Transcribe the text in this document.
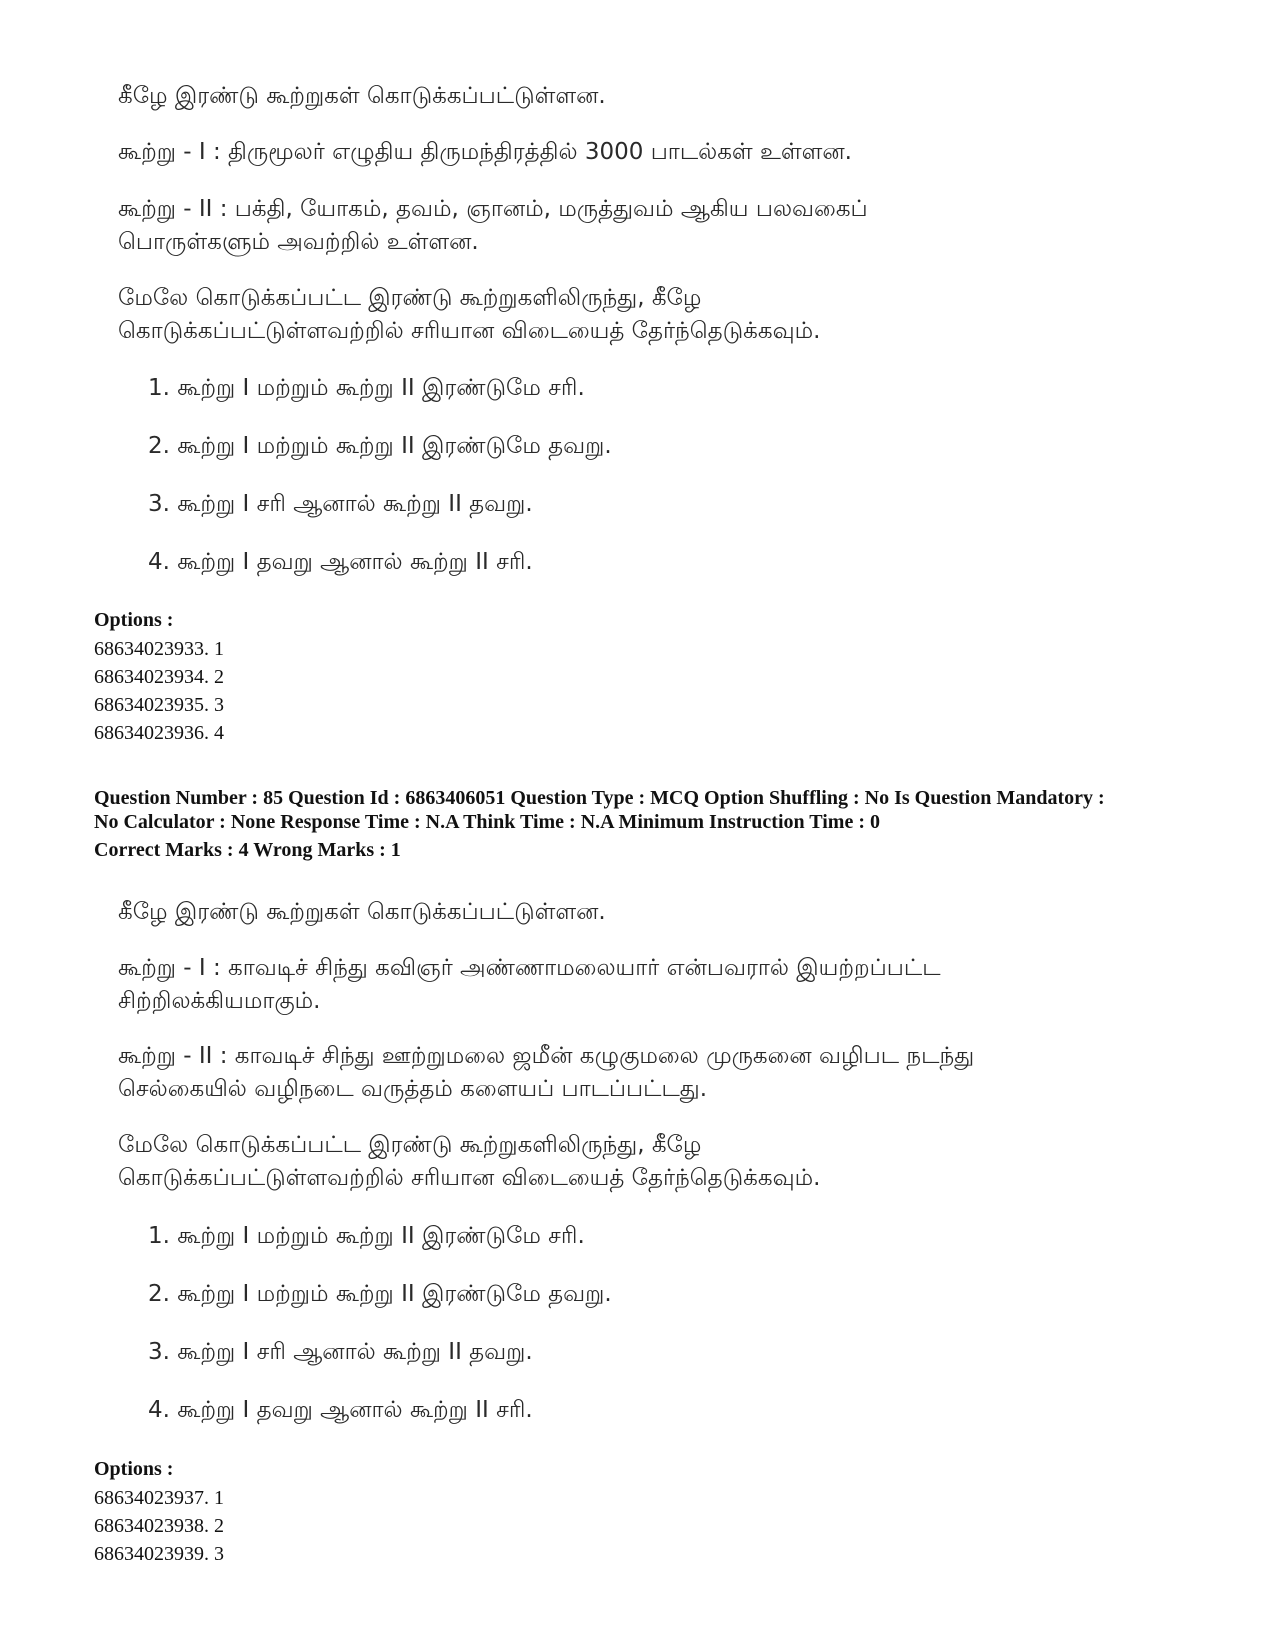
கீழே இரண்டு கூற்றுகள் கொடுக்கப்பட்டுள்ளன.

கூற்று - I : திருமூலர் எழுதிய திருமந்திரத்தில் 3000 பாடல்கள் உள்ளன.

கூற்று - II : பக்தி, யோகம், தவம், ஞானம், மருத்துவம் ஆகிய பலவகைப்

பொருள்களும் அவற்றில் உள்ளன.

மேலே கொடுக்கப்பட்ட இரண்டு கூற்றுகளிலிருந்து, கீழே

கொடுக்கப்பட்டுள்ளவற்றில் சரியான விடையைத் தேர்ந்தெடுக்கவும்.

1. கூற்று I மற்றும் கூற்று II இரண்டுமே சரி.

2. கூற்று I மற்றும் கூற்று II இரண்டுமே தவறு.

3. கூற்று I சரி ஆனால் கூற்று II தவறு.

4. கூற்று I தவறு ஆனால் கூற்று II சரி.

Options :
68634023933. 1
68634023934. 2
68634023935. 3
68634023936. 4
Question Number : 85 Question Id : 6863406051 Question Type : MCQ Option Shuffling : No Is Question Mandatory :
No Calculator : None Response Time : N.A Think Time : N.A Minimum Instruction Time : 0
Correct Marks : 4 Wrong Marks : 1

கீழே இரண்டு கூற்றுகள் கொடுக்கப்பட்டுள்ளன.

கூற்று - I : காவடிச் சிந்து கவிஞர் அண்ணாமலையார் என்பவரால் இயற்றப்பட்ட

சிற்றிலக்கியமாகும்.

கூற்று - II : காவடிச் சிந்து ஊற்றுமலை ஜமீன் கழுகுமலை முருகனை வழிபட நடந்து

செல்கையில் வழிநடை வருத்தம் களையப் பாடப்பட்டது.

மேலே கொடுக்கப்பட்ட இரண்டு கூற்றுகளிலிருந்து, கீழே

கொடுக்கப்பட்டுள்ளவற்றில் சரியான விடையைத் தேர்ந்தெடுக்கவும்.

1. கூற்று I மற்றும் கூற்று II இரண்டுமே சரி.

2. கூற்று I மற்றும் கூற்று II இரண்டுமே தவறு.

3. கூற்று I சரி ஆனால் கூற்று II தவறு.

4. கூற்று I தவறு ஆனால் கூற்று II சரி.

Options :
68634023937. 1
68634023938. 2
68634023939. 3
